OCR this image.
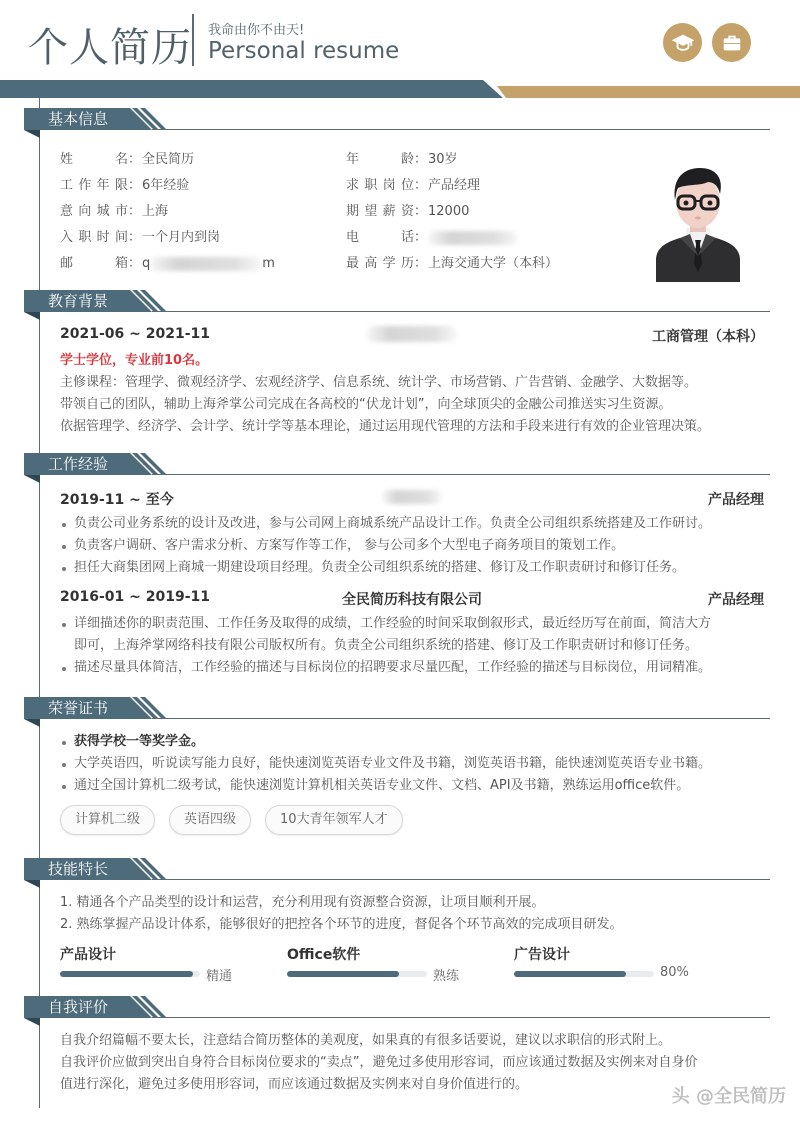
个人简历 我命由你不由天!
Personal resume
基本信息
姓名：全民简历
工作年限：6年经验
意向城市：上海
入职时间：一个月内到岗
邮箱：q	m
年龄：30岁
求职岗位：产品经理
期望薪资：12000
电话：
最高学历：上海交通大学（本科）
教育背景
2021-06 ~ 2021-11	工商管理（本科）
学士学位，专业前10名。
主修课程：管理学、微观经济学、宏观经济学、信息系统、统计学、市场营销、广告营销、金融学、大数据等。
带领自己的团队，辅助上海斧掌公司完成在各高校的“伏龙计划”，向全球顶尖的金融公司推送实习生资源。
依据管理学、经济学、会计学、统计学等基本理论，通过运用现代管理的方法和手段来进行有效的企业管理决策。
工作经验
2019-11 ~ 至今	产品经理
负责公司业务系统的设计及改进，参与公司网上商城系统产品设计工作。负责全公司组织系统搭建及工作研讨。
负责客户调研、客户需求分析、方案写作等工作， 参与公司多个大型电子商务项目的策划工作。
担任大商集团网上商城一期建设项目经理。负责全公司组织系统的搭建、修订及工作职责研讨和修订任务。
2016-01 ~ 2019-11	全民简历科技有限公司	产品经理
详细描述你的职责范围、工作任务及取得的成绩，工作经验的时间采取倒叙形式，最近经历写在前面，简洁大方
即可，上海斧掌网络科技有限公司版权所有。负责全公司组织系统的搭建、修订及工作职责研讨和修订任务。
描述尽量具体简洁，工作经验的描述与目标岗位的招聘要求尽量匹配，工作经验的描述与目标岗位，用词精准。
荣誉证书
获得学校一等奖学金。
大学英语四，听说读写能力良好，能快速浏览英语专业文件及书籍，浏览英语书籍，能快速浏览英语专业书籍。
通过全国计算机二级考试，能快速浏览计算机相关英语专业文件、文档、API及书籍，熟练运用office软件。
计算机二级	英语四级	10大青年领军人才
技能特长
1. 精通各个产品类型的设计和运营，充分利用现有资源整合资源，让项目顺利开展。
2. 熟练掌握产品设计体系，能够很好的把控各个环节的进度，督促各个环节高效的完成项目研发。
产品设计
精通
Office软件
熟练
广告设计
80%
自我评价
自我介绍篇幅不要太长，注意结合简历整体的美观度，如果真的有很多话要说，建议以求职信的形式附上。
自我评价应做到突出自身符合目标岗位要求的“卖点”，避免过多使用形容词，而应该通过数据及实例来对自身价
值进行深化，避免过多使用形容词，而应该通过数据及实例来对自身价值进行的。
头 @全民简历
